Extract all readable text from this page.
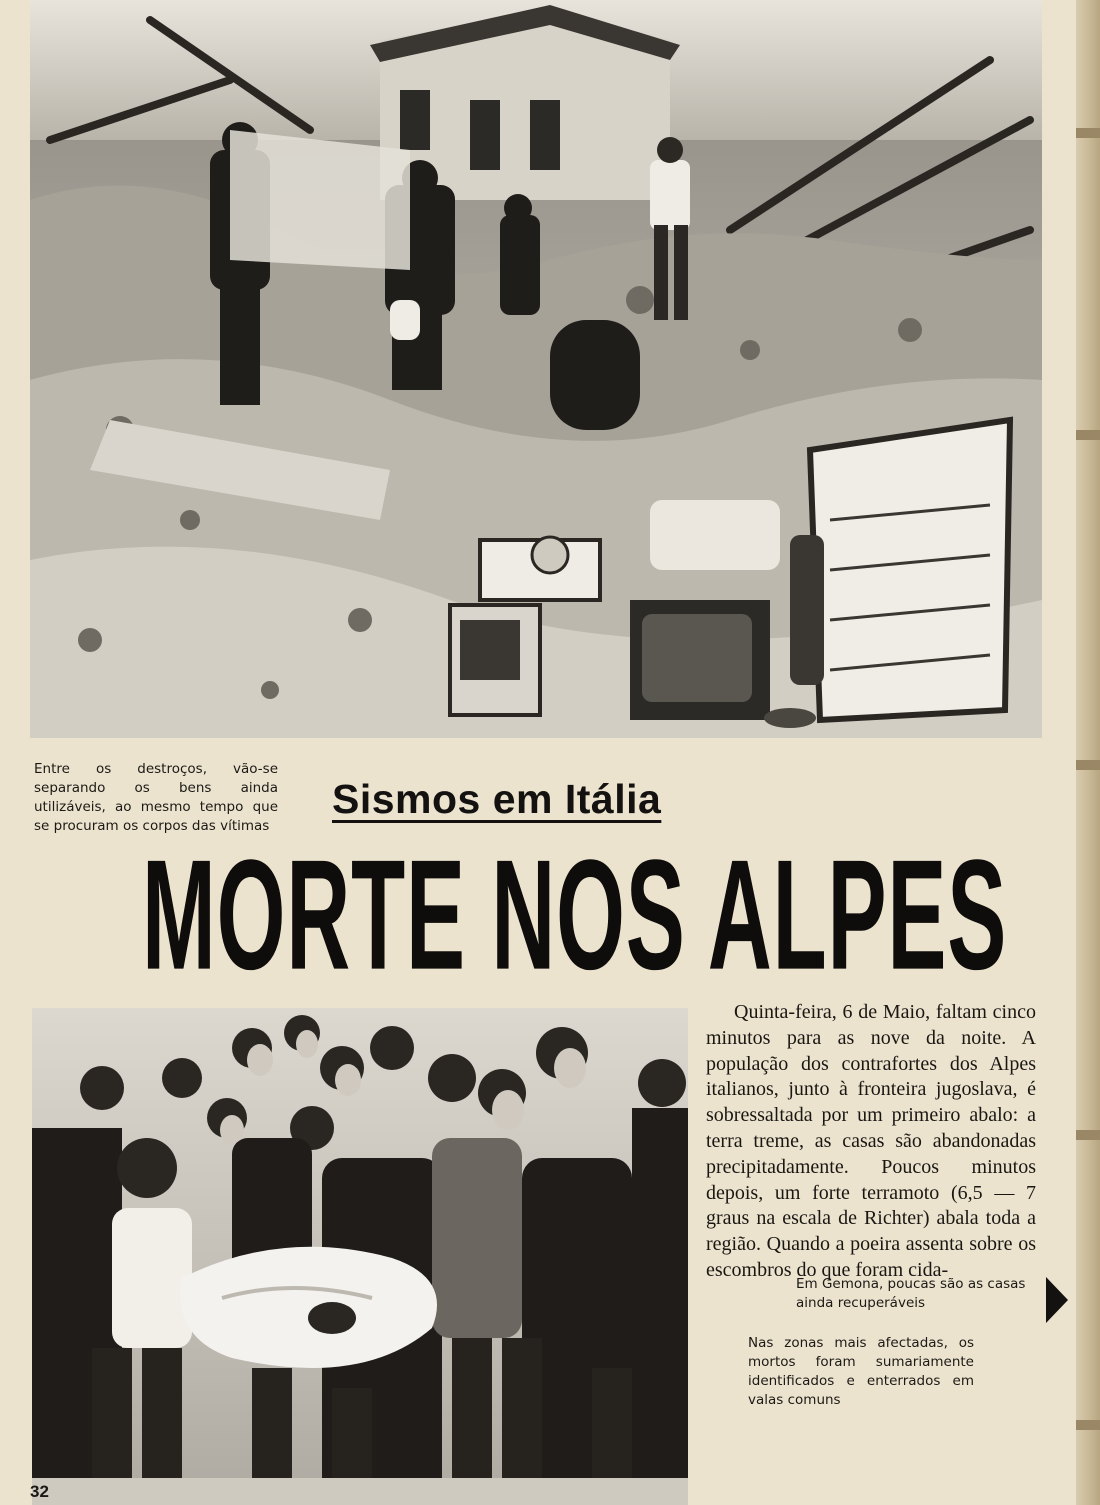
Entre os destroços, vão-se separando os bens ainda utilizáveis, ao mesmo tempo que se procuram os corpos das vítimas
Sismos em Itália
MORTE NOS ALPES
Quinta-feira, 6 de Maio, faltam cinco minutos para as nove da noite. A população dos contrafortes dos Alpes italianos, junto à fronteira jugoslava, é sobressaltada por um primeiro abalo: a terra treme, as casas são abandonadas precipitadamente. Poucos minutos depois, um forte terramoto (6,5 — 7 graus na escala de Richter) abala toda a região. Quando a poeira assenta sobre os escombros do que foram cida-
Em Gemona, poucas são as casas ainda recuperáveis
Nas zonas mais afectadas, os mortos foram sumariamente identificados e enterrados em valas comuns
32
